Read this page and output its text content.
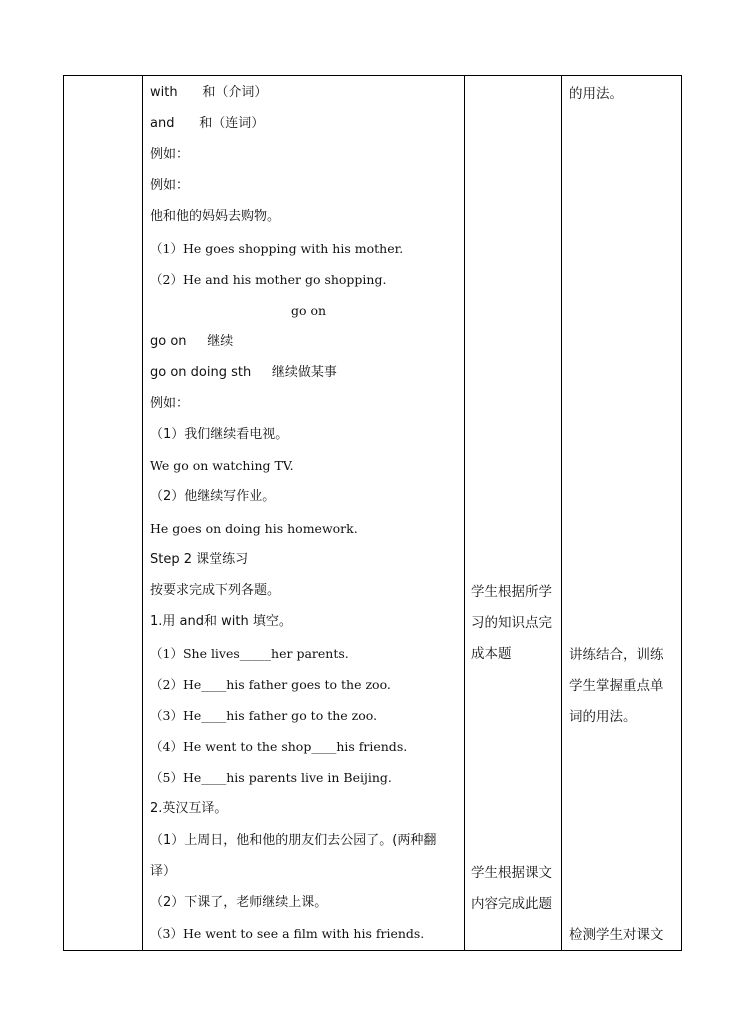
with      和（介词）
and      和（连词）
例如：
例如：
他和他的妈妈去购物。
（1）He goes shopping with his mother.
（2）He and his mother go shopping.
go on
go on     继续
go on doing sth     继续做某事
例如：
（1）我们继续看电视。
We go on watching TV.
（2）他继续写作业。
He goes on doing his homework.
Step 2 课堂练习
按要求完成下列各题。
1.用 and和 with 填空。
（1）She lives_____her parents.
（2）He____his father goes to the zoo.
（3）He____his father go to the zoo.
（4）He went to the shop____his friends.
（5）He____his parents live in Beijing.
2.英汉互译。
（1）上周日，他和他的朋友们去公园了。(两种翻
译）
（2）下课了，老师继续上课。
（3）He went to see a film with his friends.
学生根据所学
习的知识点完
成本题
学生根据课文
内容完成此题
的用法。
讲练结合，训练
学生掌握重点单
词的用法。
检测学生对课文
